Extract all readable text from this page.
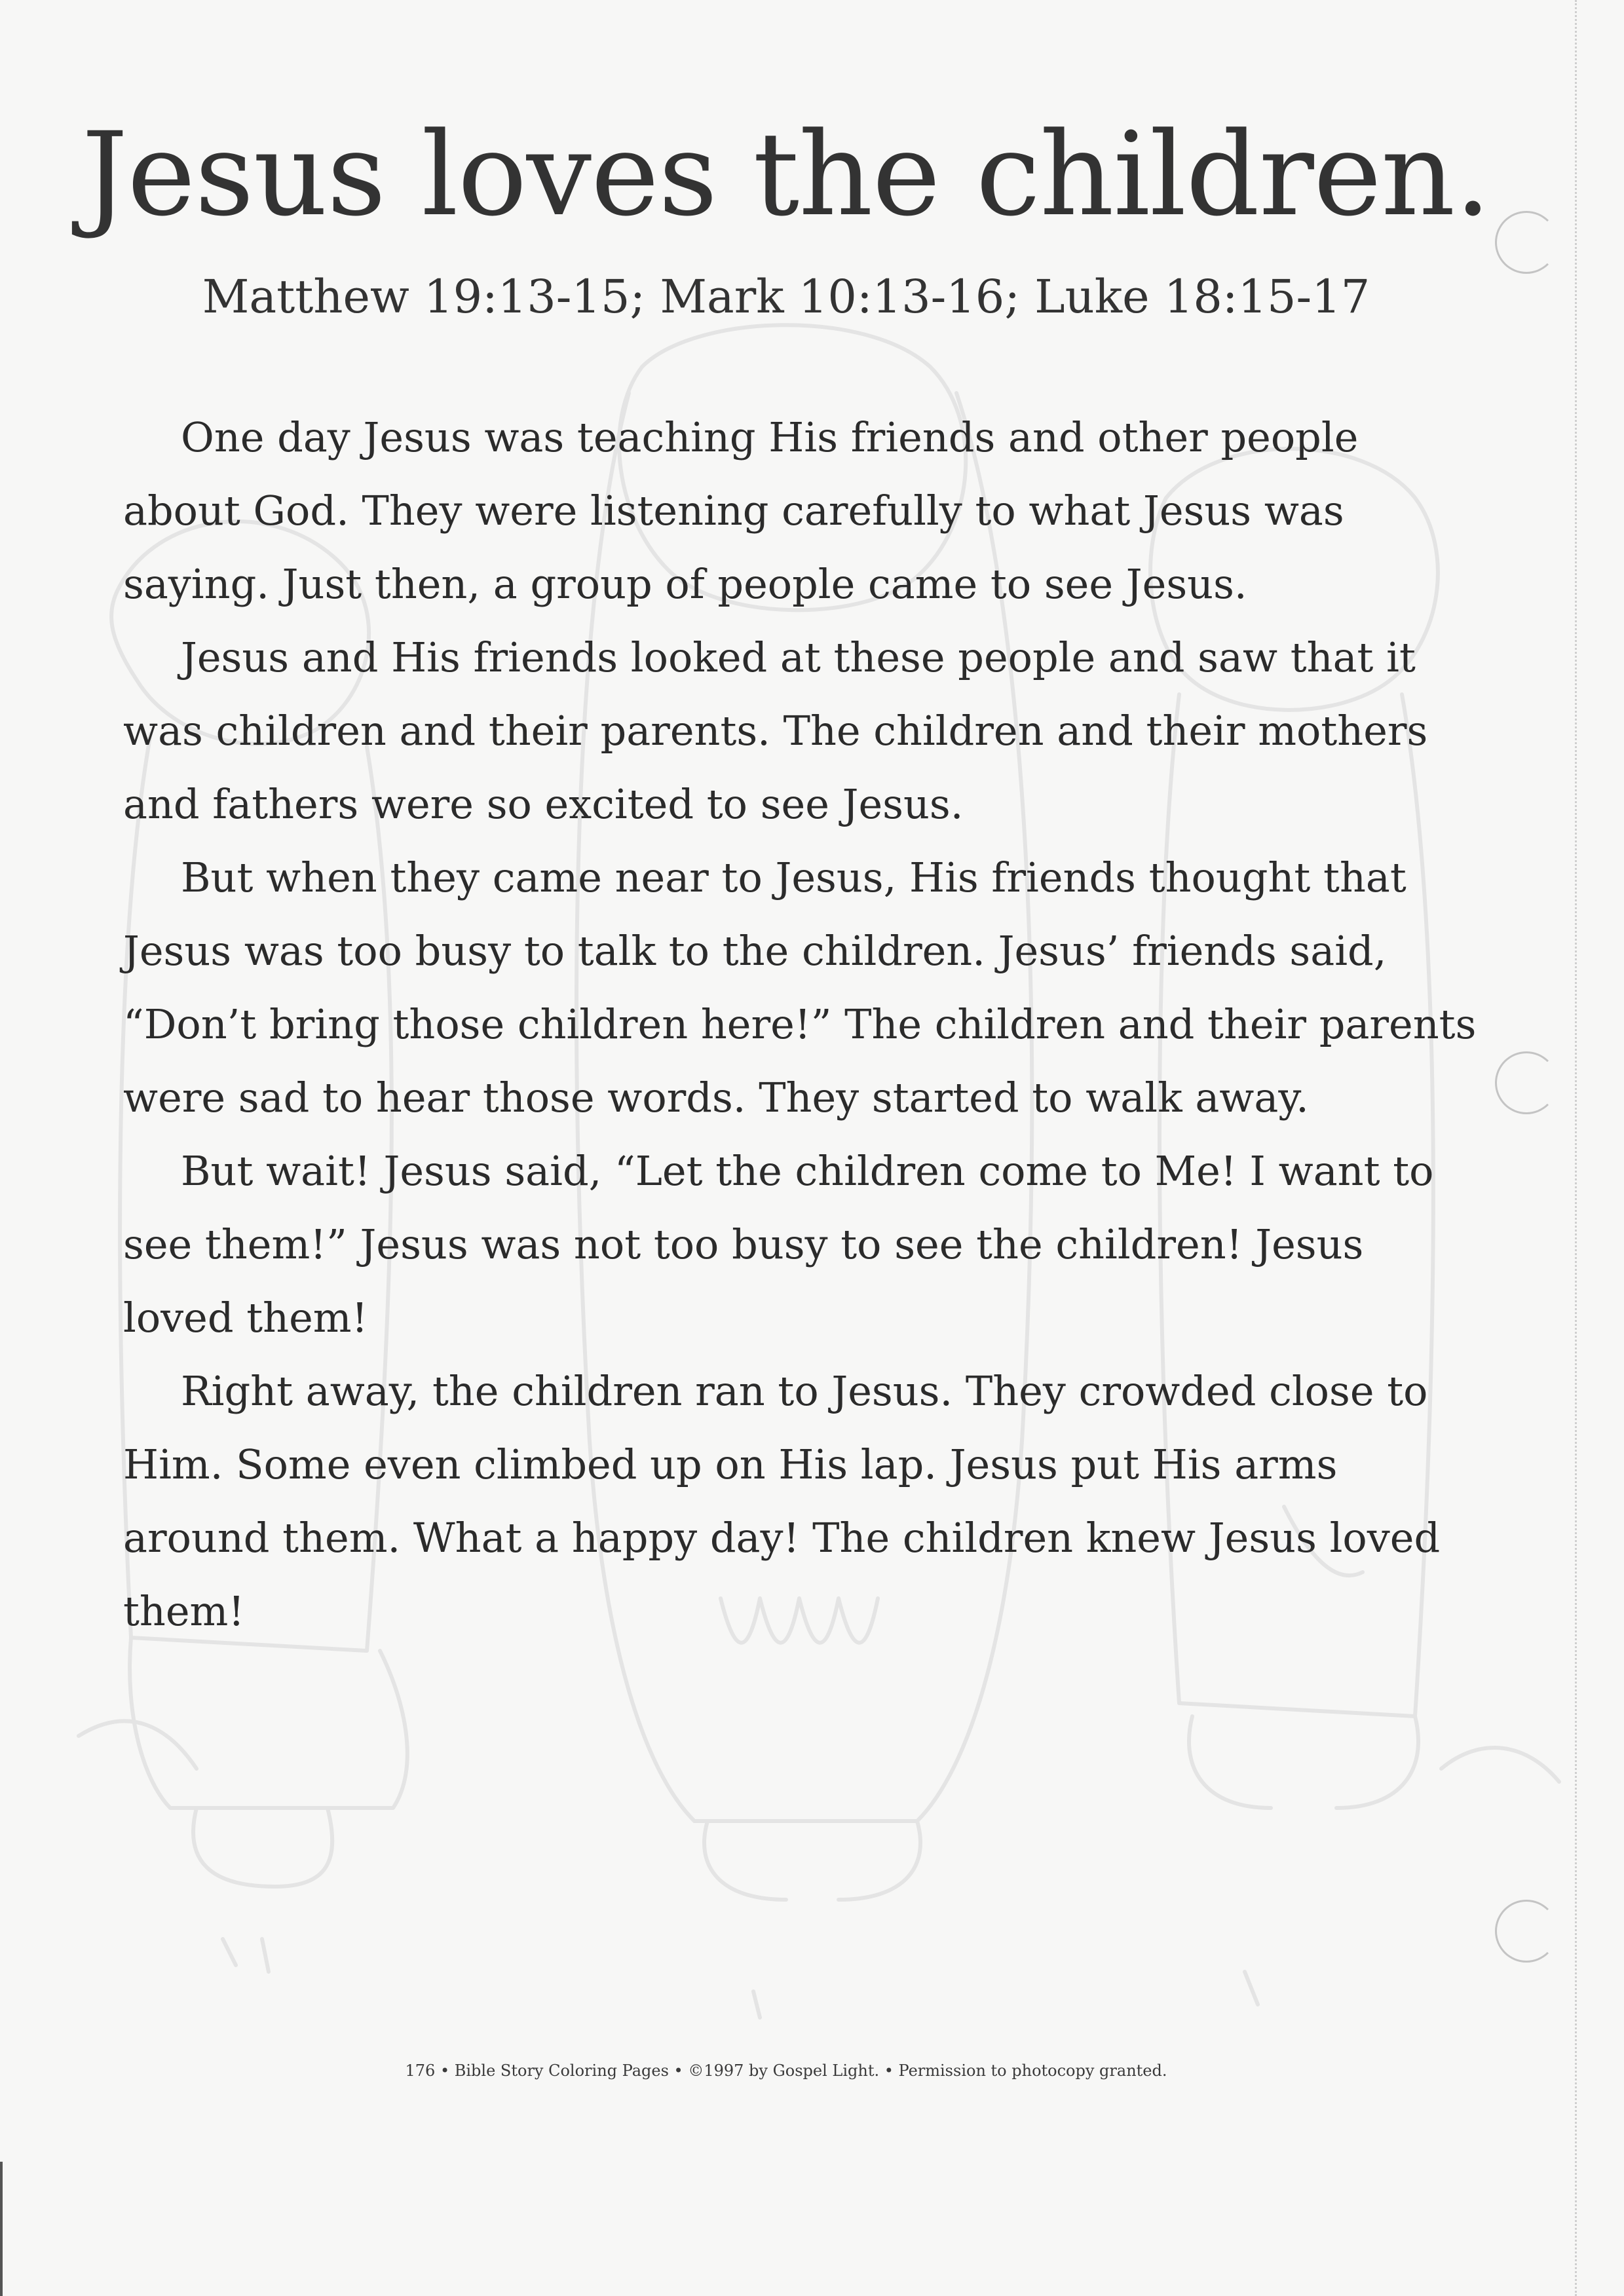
Jesus loves the children.
Matthew 19:13-15; Mark 10:13-16; Luke 18:15-17

One day Jesus was teaching His friends and other people about God. They were listening carefully to what Jesus was saying. Just then, a group of people came to see Jesus.

Jesus and His friends looked at these people and saw that it was children and their parents. The children and their mothers and fathers were so excited to see Jesus.

But when they came near to Jesus, His friends thought that Jesus was too busy to talk to the children. Jesus’ friends said, “Don’t bring those children here!” The children and their parents were sad to hear those words. They started to walk away.

But wait! Jesus said, “Let the children come to Me! I want to see them!” Jesus was not too busy to see the children! Jesus loved them!

Right away, the children ran to Jesus. They crowded close to Him. Some even climbed up on His lap. Jesus put His arms around them. What a happy day! The children knew Jesus loved them!

176 • Bible Story Coloring Pages • ©1997 by Gospel Light. • Permission to photocopy granted.
